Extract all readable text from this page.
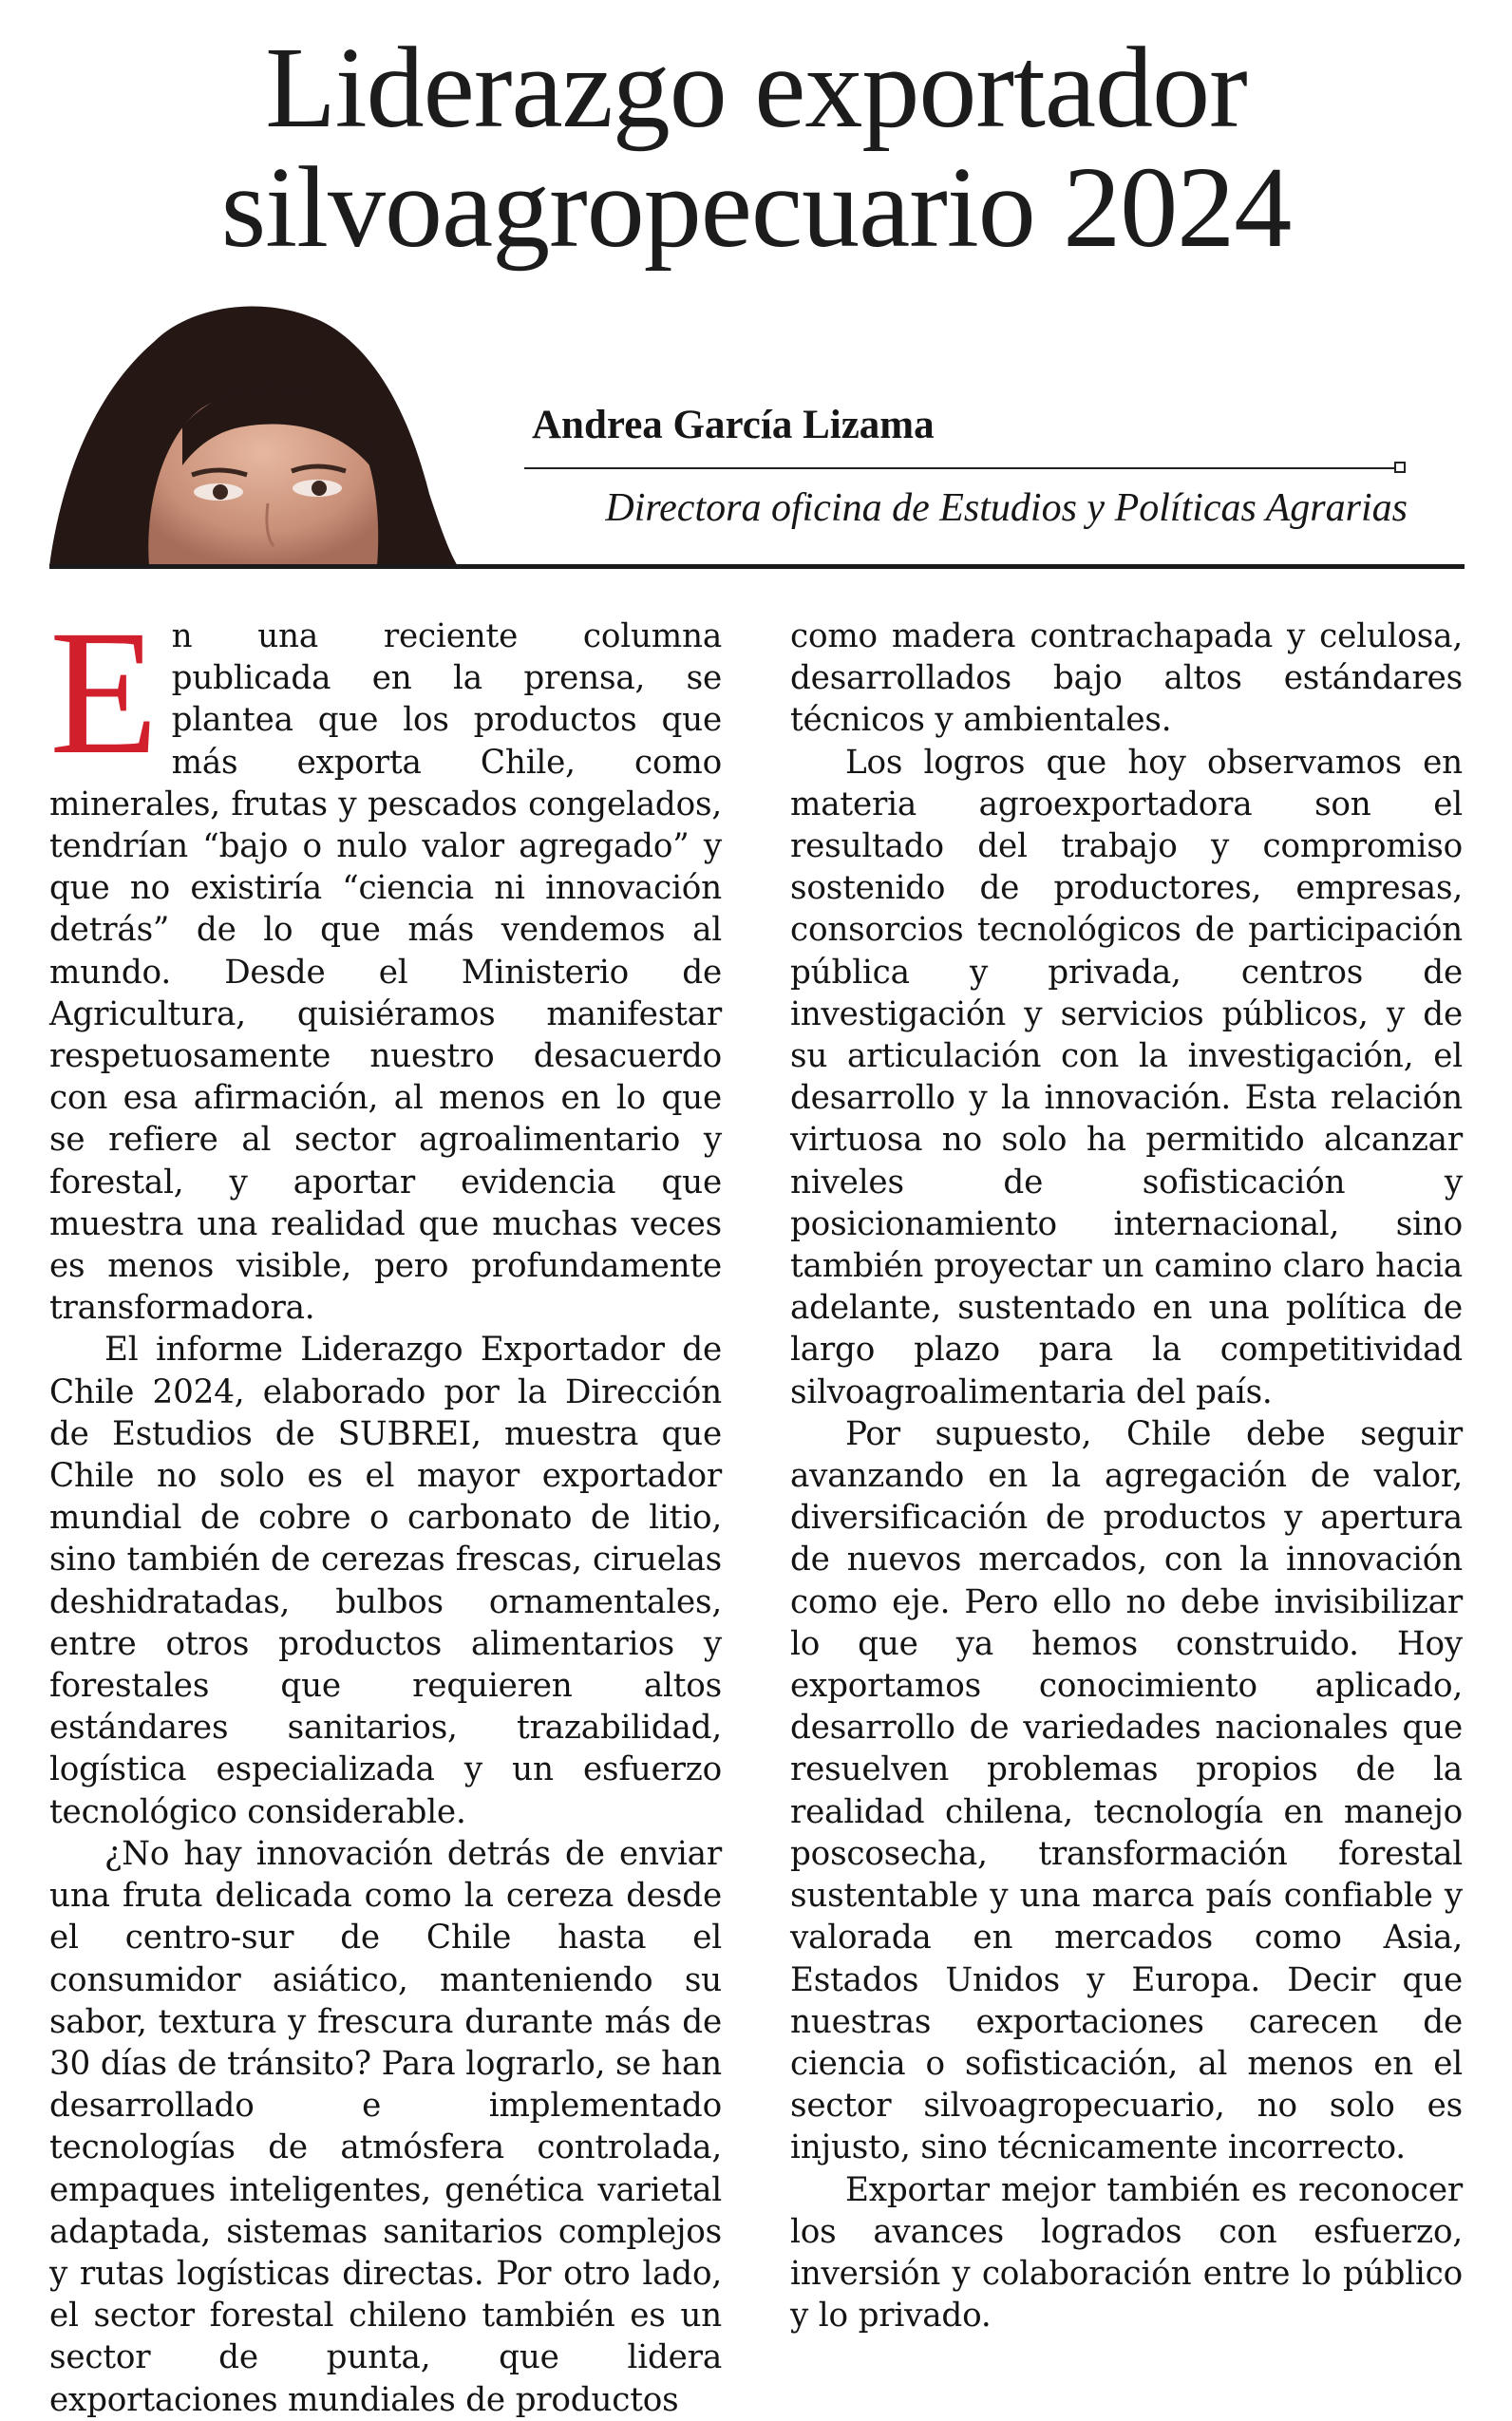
Liderazgo exportador silvoagropecuario 2024
Andrea García Lizama
Directora oficina de Estudios y Políticas Agrarias

En una reciente columna publicada en la prensa, se plantea que los productos que más exporta Chile, como minerales, frutas y pescados congelados, tendrían “bajo o nulo valor agregado” y que no existiría “ciencia ni innovación detrás” de lo que más vendemos al mundo. Desde el Ministerio de Agricultura, quisiéramos manifestar respetuosamente nuestro desacuerdo con esa afirmación, al menos en lo que se refiere al sector agroalimentario y forestal, y aportar evidencia que muestra una realidad que muchas veces es menos visible, pero profundamente transformadora.

El informe Liderazgo Exportador de Chile 2024, elaborado por la Dirección de Estudios de SUBREI, muestra que Chile no solo es el mayor exportador mundial de cobre o carbonato de litio, sino también de cerezas frescas, ciruelas deshidratadas, bulbos ornamentales, entre otros productos alimentarios y forestales que requieren altos estándares sanitarios, trazabilidad, logística especializada y un esfuerzo tecnológico considerable.

¿No hay innovación detrás de enviar una fruta delicada como la cereza desde el centro-sur de Chile hasta el consumidor asiático, manteniendo su sabor, textura y frescura durante más de 30 días de tránsito? Para lograrlo, se han desarrollado e implementado tecnologías de atmósfera controlada, empaques inteligentes, genética varietal adaptada, sistemas sanitarios complejos y rutas logísticas directas. Por otro lado, el sector forestal chileno también es un sector de punta, que lidera exportaciones mundiales de productos

como madera contrachapada y celulosa, desarrollados bajo altos estándares técnicos y ambientales.

Los logros que hoy observamos en materia agroexportadora son el resultado del trabajo y compromiso sostenido de productores, empresas, consorcios tecnológicos de participación pública y privada, centros de investigación y servicios públicos, y de su articulación con la investigación, el desarrollo y la innovación. Esta relación virtuosa no solo ha permitido alcanzar niveles de sofisticación y posicionamiento internacional, sino también proyectar un camino claro hacia adelante, sustentado en una política de largo plazo para la competitividad silvoagroalimentaria del país.

Por supuesto, Chile debe seguir avanzando en la agregación de valor, diversificación de productos y apertura de nuevos mercados, con la innovación como eje. Pero ello no debe invisibilizar lo que ya hemos construido. Hoy exportamos conocimiento aplicado, desarrollo de variedades nacionales que resuelven problemas propios de la realidad chilena, tecnología en manejo poscosecha, transformación forestal sustentable y una marca país confiable y valorada en mercados como Asia, Estados Unidos y Europa. Decir que nuestras exportaciones carecen de ciencia o sofisticación, al menos en el sector silvoagropecuario, no solo es injusto, sino técnicamente incorrecto.

Exportar mejor también es reconocer los avances logrados con esfuerzo, inversión y colaboración entre lo público y lo privado.
